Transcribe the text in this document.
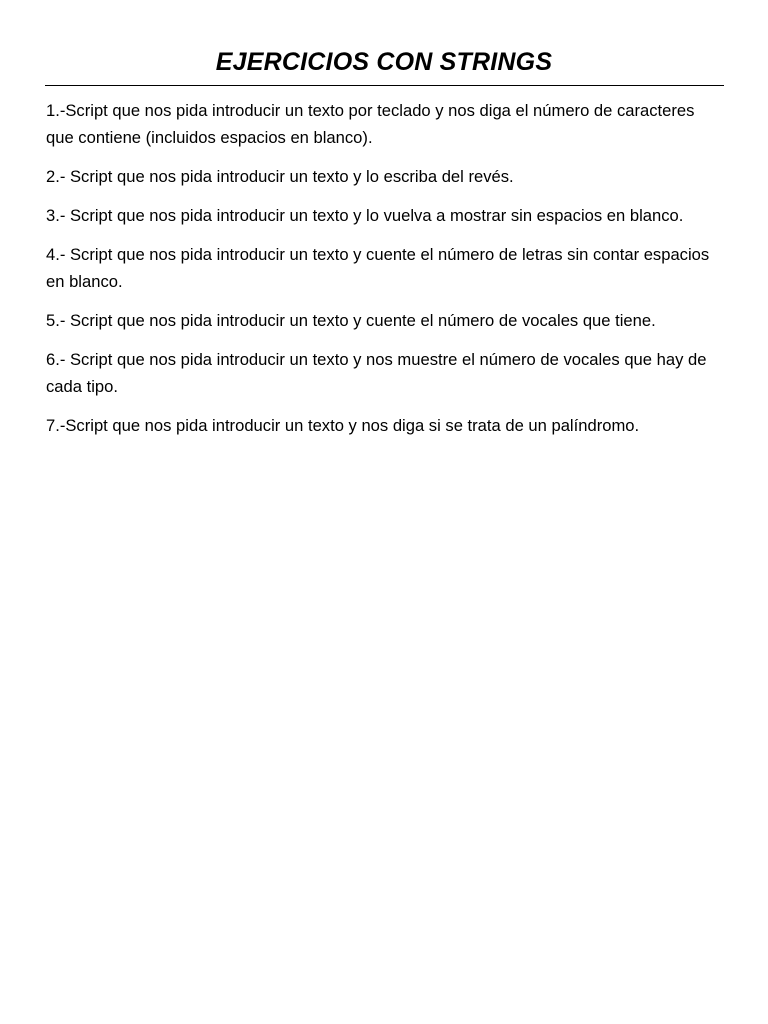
EJERCICIOS CON STRINGS
1.-Script que nos pida introducir un texto por teclado y nos diga el número de caracteres que contiene (incluidos espacios en blanco).
2.- Script que nos pida introducir un texto y lo escriba del revés.
3.- Script que nos pida introducir un texto y lo vuelva a mostrar sin espacios en blanco.
4.- Script que nos pida introducir un texto y cuente el número de letras sin contar espacios en blanco.
5.- Script que nos pida introducir un texto y cuente el número de vocales que tiene.
6.- Script que nos pida introducir un texto y nos muestre el número de vocales que hay de cada tipo.
7.-Script que nos pida introducir un texto y nos diga si se trata de un palíndromo.
